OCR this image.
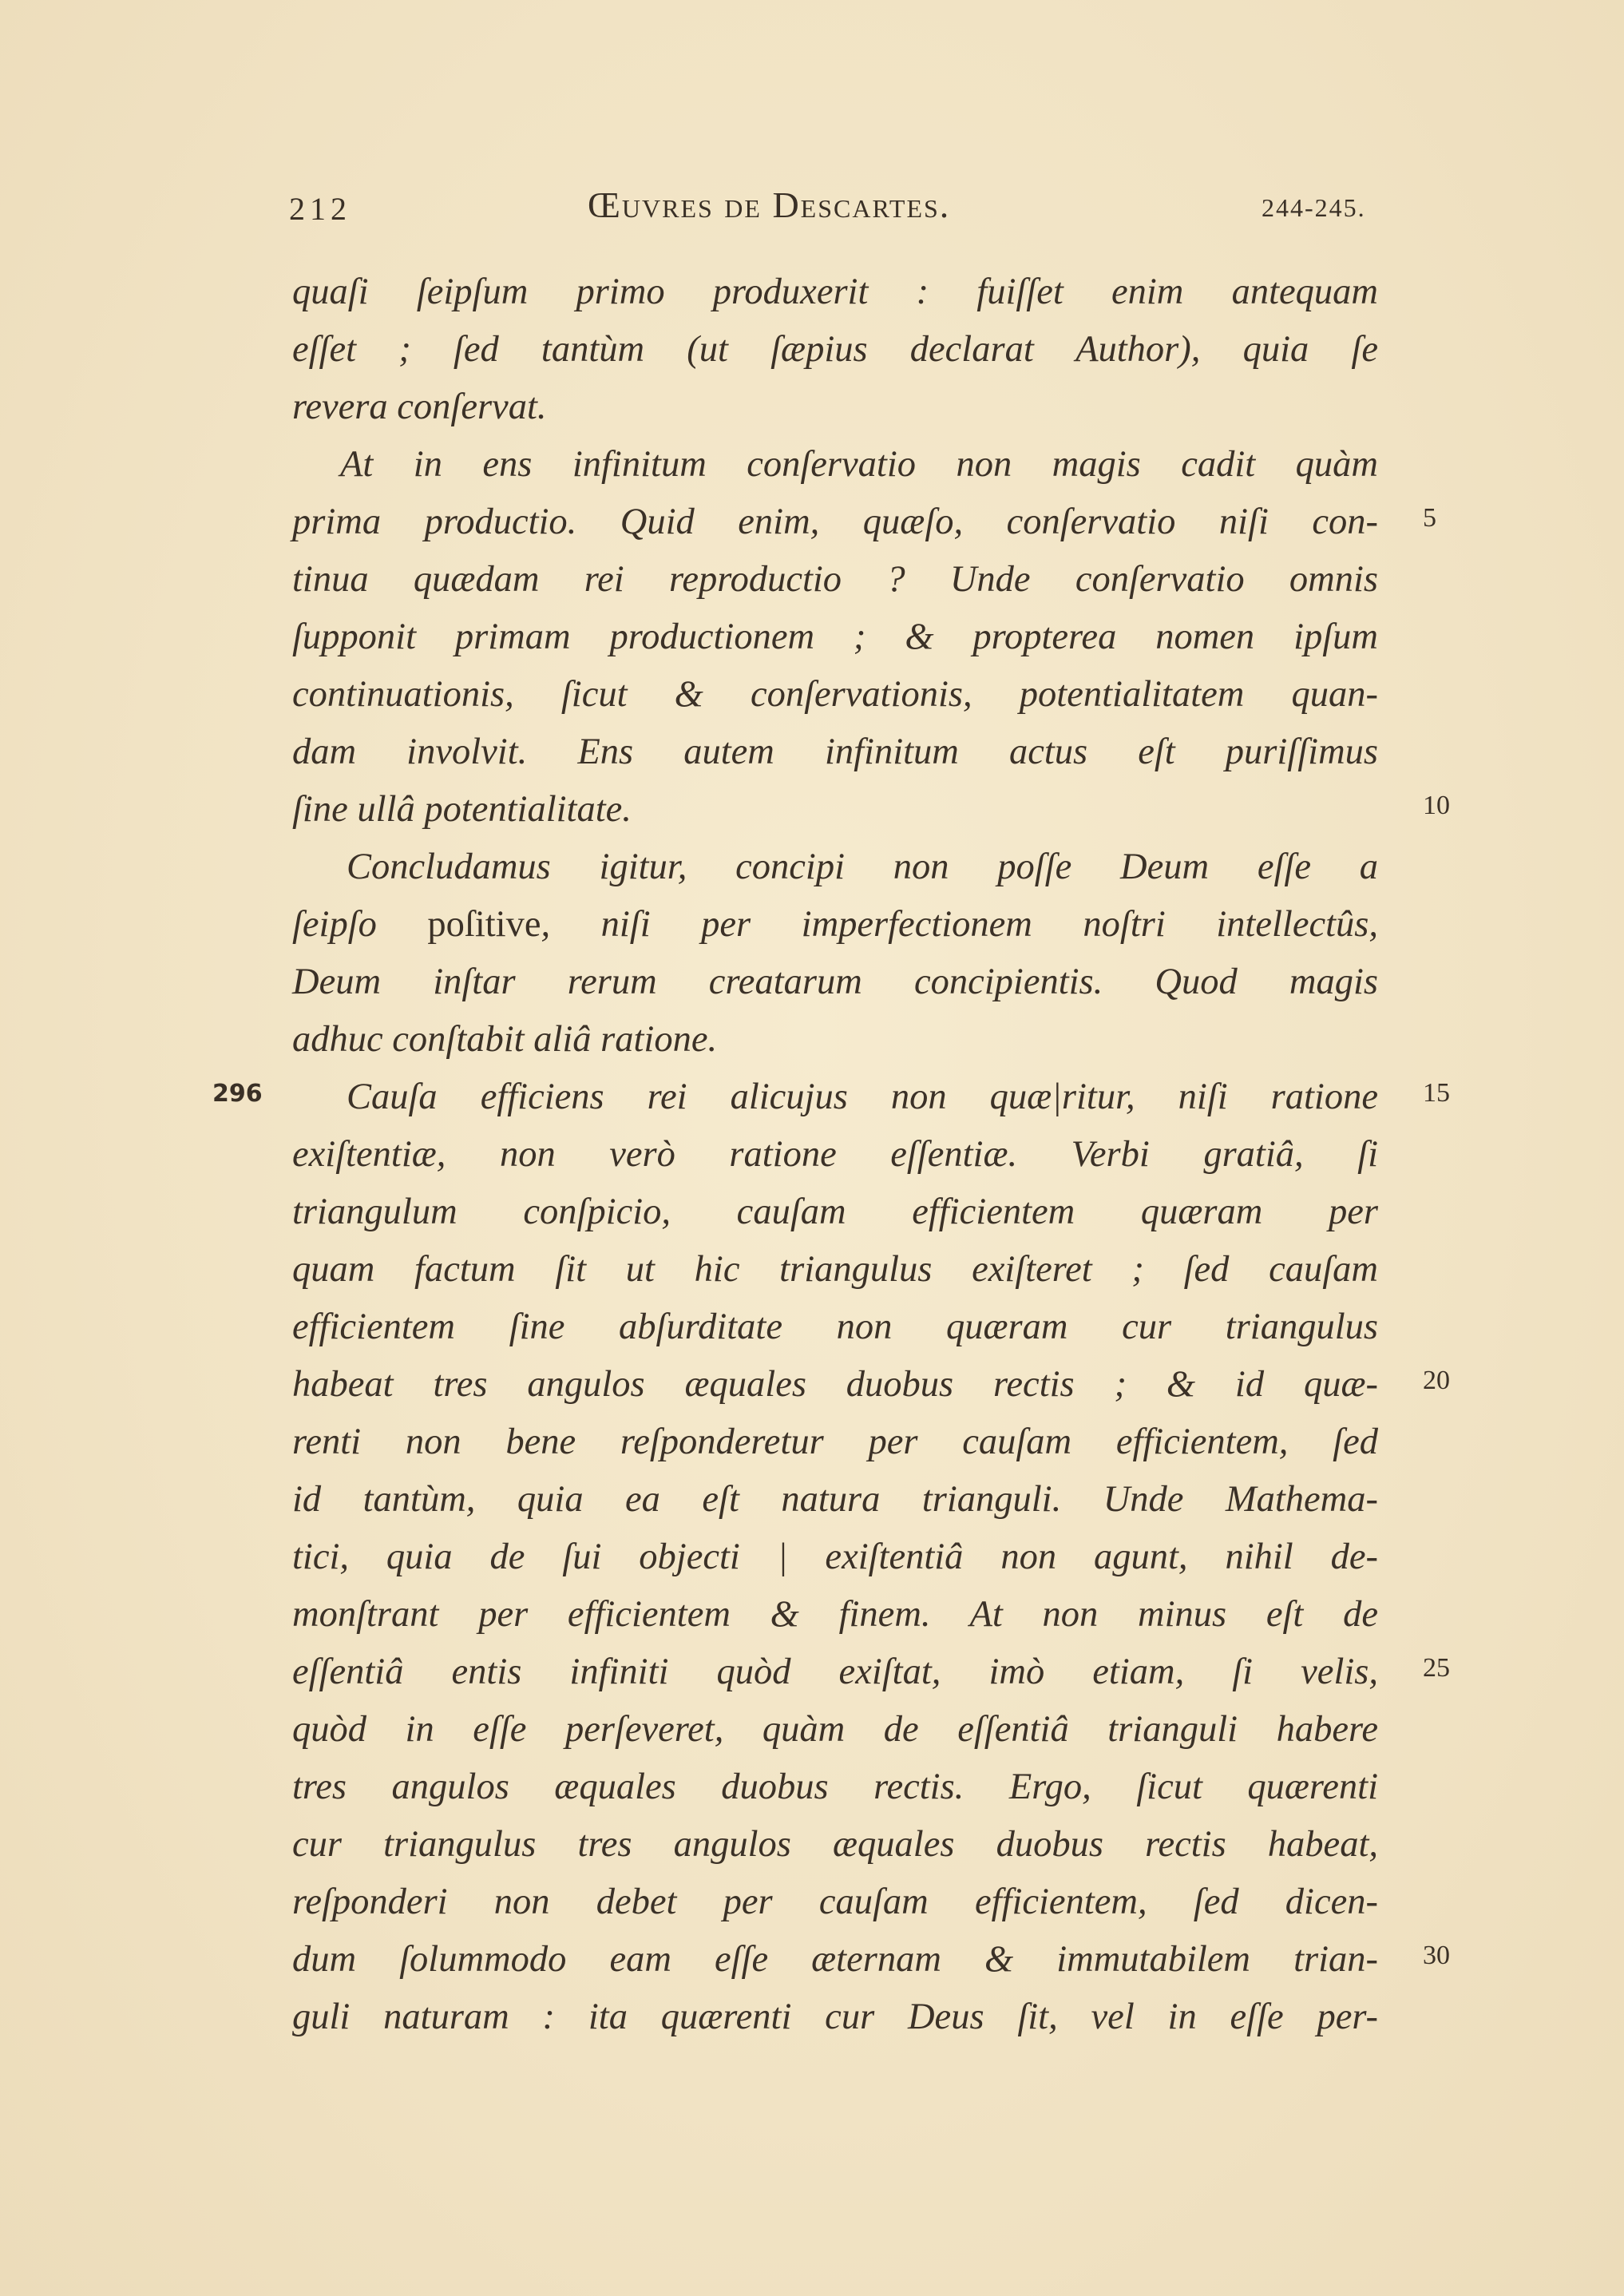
212	Œuvres de Descartes.	244-245.
quaſi ſeipſum primo produxerit : fuiſſet enim antequam
eſſet ; ſed tantùm (ut ſæpius declarat Author), quia ſe
revera conſervat.
At in ens infinitum conſervatio non magis cadit quàm
prima productio. Quid enim, quæſo, conſervatio niſi con-
tinua quædam rei reproductio ? Unde conſervatio omnis
ſupponit primam productionem ; & propterea nomen ipſum
continuationis, ſicut & conſervationis, potentialitatem quan-
dam involvit. Ens autem infinitum actus eſt puriſſimus
ſine ullâ potentialitate.
Concludamus igitur, concipi non poſſe Deum eſſe a
ſeipſo poſitive, niſi per imperfectionem noſtri intellectûs,
Deum inſtar rerum creatarum concipientis. Quod magis
adhuc conſtabit aliâ ratione.
Cauſa efficiens rei alicujus non quæ|ritur, niſi ratione
exiſtentiæ, non verò ratione eſſentiæ. Verbi gratiâ, ſi
triangulum conſpicio, cauſam efficientem quæram per
quam factum ſit ut hic triangulus exiſteret ; ſed cauſam
efficientem ſine abſurditate non quæram cur triangulus
habeat tres angulos æquales duobus rectis ; & id quæ-
renti non bene reſponderetur per cauſam efficientem, ſed
id tantùm, quia ea eſt natura trianguli. Unde Mathema-
tici, quia de ſui objecti | exiſtentiâ non agunt, nihil de-
monſtrant per efficientem & finem. At non minus eſt de
eſſentiâ entis infiniti quòd exiſtat, imò etiam, ſi velis,
quòd in eſſe perſeveret, quàm de eſſentiâ trianguli habere
tres angulos æquales duobus rectis. Ergo, ſicut quærenti
cur triangulus tres angulos æquales duobus rectis habeat,
reſponderi non debet per cauſam efficientem, ſed dicen-
dum ſolummodo eam eſſe æternam & immutabilem trian-
guli naturam : ita quærenti cur Deus ſit, vel in eſſe per-
5
10
15
20
25
30
296
